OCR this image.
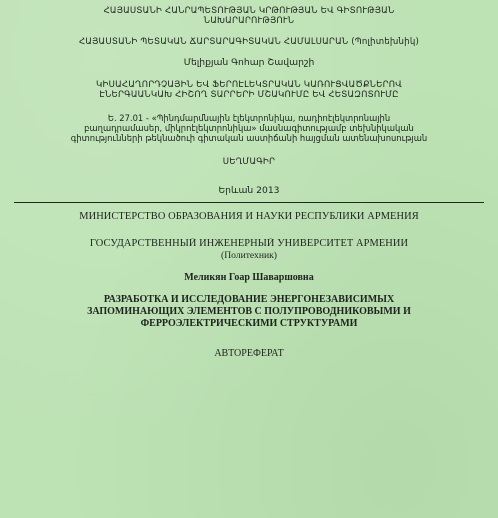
ՀԱՅԱՍՏԱՆԻ ՀԱՆՐԱՊԵՏՈՒԹՅԱՆ ԿՐԹՈՒԹՅԱՆ ԵՎ ԳԻՏՈՒԹՅԱՆ
ՆԱԽԱՐԱՐՈՒԹՅՈՒՆ
ՀԱՅԱՍՏԱՆԻ ՊԵՏԱԿԱՆ ՃԱՐՏԱՐԱԳԻՏԱԿԱՆ ՀԱՄԱԼՍԱՐԱՆ (Պոլիտեխնիկ)
Մելիքյան Գոհար Շավարշի
ԿԻՍԱՀԱՂՈՐԴՉԱՅԻՆ ԵՎ ՖԵՐՈԷԼԵԿՏՐԱԿԱՆ ԿԱՌՈՒՑՎԱԾՔՆԵՐՈՎ
ԷՆԵՐԳԱԱՆԿԱԽ ՀԻՇՈՂ ՏԱՐՐԵՐԻ ՄՇԱԿՈՒՄԸ ԵՎ ՀԵՏԱԶՈՏՈՒՄԸ
Ե. 27.01 - «Պինդմարմնային էլեկտրոնիկա, ռադիոէլեկտրոնային
բաղադրամասեր, միկրոէլեկտրոնիկա» մասնագիտությամբ տեխնիկական
գիտությունների թեկնածուի գիտական աստիճանի հայցման ատենախոսության
ՍԵՂՄԱԳԻՐ
Երևան 2013
МИНИСТЕРСТВО ОБРАЗОВАНИЯ И НАУКИ РЕСПУБЛИКИ АРМЕНИЯ
ГОСУДАРСТВЕННЫЙ ИНЖЕНЕРНЫЙ УНИВЕРСИТЕТ АРМЕНИИ
(Политехник)
Меликян Гоар Шаваршовна
РАЗРАБОТКА И ИССЛЕДОВАНИЕ ЭНЕРГОНЕЗАВИСИМЫХ
ЗАПОМИНАЮЩИХ ЭЛЕМЕНТОВ С ПОЛУПРОВОДНИКОВЫМИ И
ФЕРРОЭЛЕКТРИЧЕСКИМИ СТРУКТУРАМИ
АВТОРЕФЕРАТ
